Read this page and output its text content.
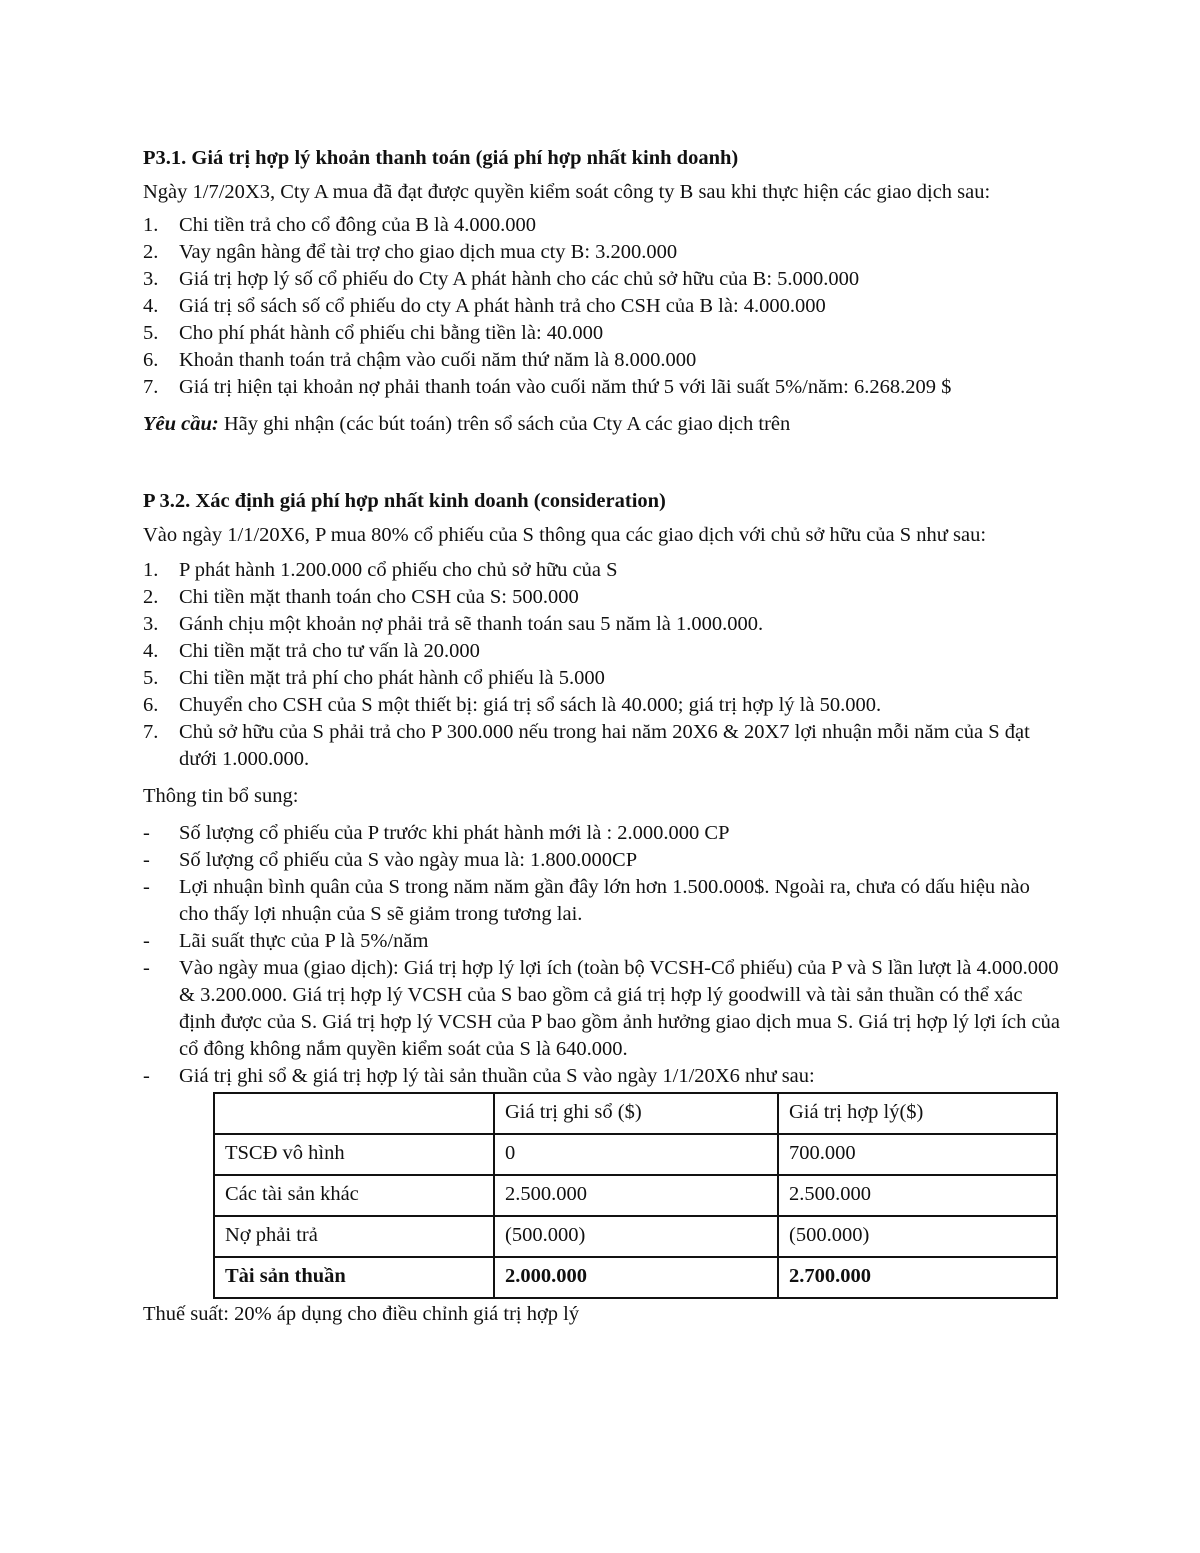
P3.1. Giá trị hợp lý khoản thanh toán (giá phí hợp nhất kinh doanh)

Ngày 1/7/20X3, Cty A mua đã đạt được quyền kiểm soát công ty B sau khi thực hiện các giao dịch sau:

1. Chi tiền trả cho cổ đông của B là 4.000.000
2. Vay ngân hàng để tài trợ cho giao dịch mua cty B: 3.200.000
3. Giá trị hợp lý số cổ phiếu do Cty A phát hành cho các chủ sở hữu của B: 5.000.000
4. Giá trị sổ sách số cổ phiếu do cty A phát hành trả cho CSH của B là: 4.000.000
5. Cho phí phát hành cổ phiếu chi bằng tiền là: 40.000
6. Khoản thanh toán trả chậm vào cuối năm thứ năm là 8.000.000
7. Giá trị hiện tại khoản nợ phải thanh toán vào cuối năm thứ 5 với lãi suất 5%/năm: 6.268.209 $

Yêu cầu: Hãy ghi nhận (các bút toán) trên sổ sách của Cty A các giao dịch trên

P 3.2. Xác định giá phí hợp nhất kinh doanh (consideration)

Vào ngày 1/1/20X6, P mua 80% cổ phiếu của S thông qua các giao dịch với chủ sở hữu của S như sau:

1. P phát hành 1.200.000 cổ phiếu cho chủ sở hữu của S
2. Chi tiền mặt thanh toán cho CSH của S: 500.000
3. Gánh chịu một khoản nợ phải trả sẽ thanh toán sau 5 năm là 1.000.000.
4. Chi tiền mặt trả cho tư vấn là 20.000
5. Chi tiền mặt trả phí cho phát hành cổ phiếu là 5.000
6. Chuyển cho CSH của S một thiết bị: giá trị sổ sách là 40.000; giá trị hợp lý là 50.000.
7. Chủ sở hữu của S phải trả cho P 300.000 nếu trong hai năm 20X6 & 20X7 lợi nhuận mỗi năm của S đạt dưới 1.000.000.

Thông tin bổ sung:

- Số lượng cổ phiếu của P trước khi phát hành mới là : 2.000.000 CP
- Số lượng cổ phiếu của S vào ngày mua là: 1.800.000CP
- Lợi nhuận bình quân của S trong năm năm gần đây lớn hơn 1.500.000$. Ngoài ra, chưa có dấu hiệu nào cho thấy lợi nhuận của S sẽ giảm trong tương lai.
- Lãi suất thực của P là 5%/năm
- Vào ngày mua (giao dịch): Giá trị hợp lý lợi ích (toàn bộ VCSH-Cổ phiếu) của P và S lần lượt là 4.000.000 & 3.200.000. Giá trị hợp lý VCSH của S bao gồm cả giá trị hợp lý goodwill và tài sản thuần có thể xác định được của S. Giá trị hợp lý VCSH của P bao gồm ảnh hưởng giao dịch mua S. Giá trị hợp lý lợi ích của cổ đông không nắm quyền kiểm soát của S là 640.000.
- Giá trị ghi sổ & giá trị hợp lý tài sản thuần của S vào ngày 1/1/20X6 như sau:
	Giá trị ghi sổ ($)	Giá trị hợp lý($)
TSCĐ vô hình	0	700.000
Các tài sản khác	2.500.000	2.500.000
Nợ phải trả	(500.000)	(500.000)
Tài sản thuần	2.000.000	2.700.000

Thuế suất: 20% áp dụng cho điều chỉnh giá trị hợp lý
